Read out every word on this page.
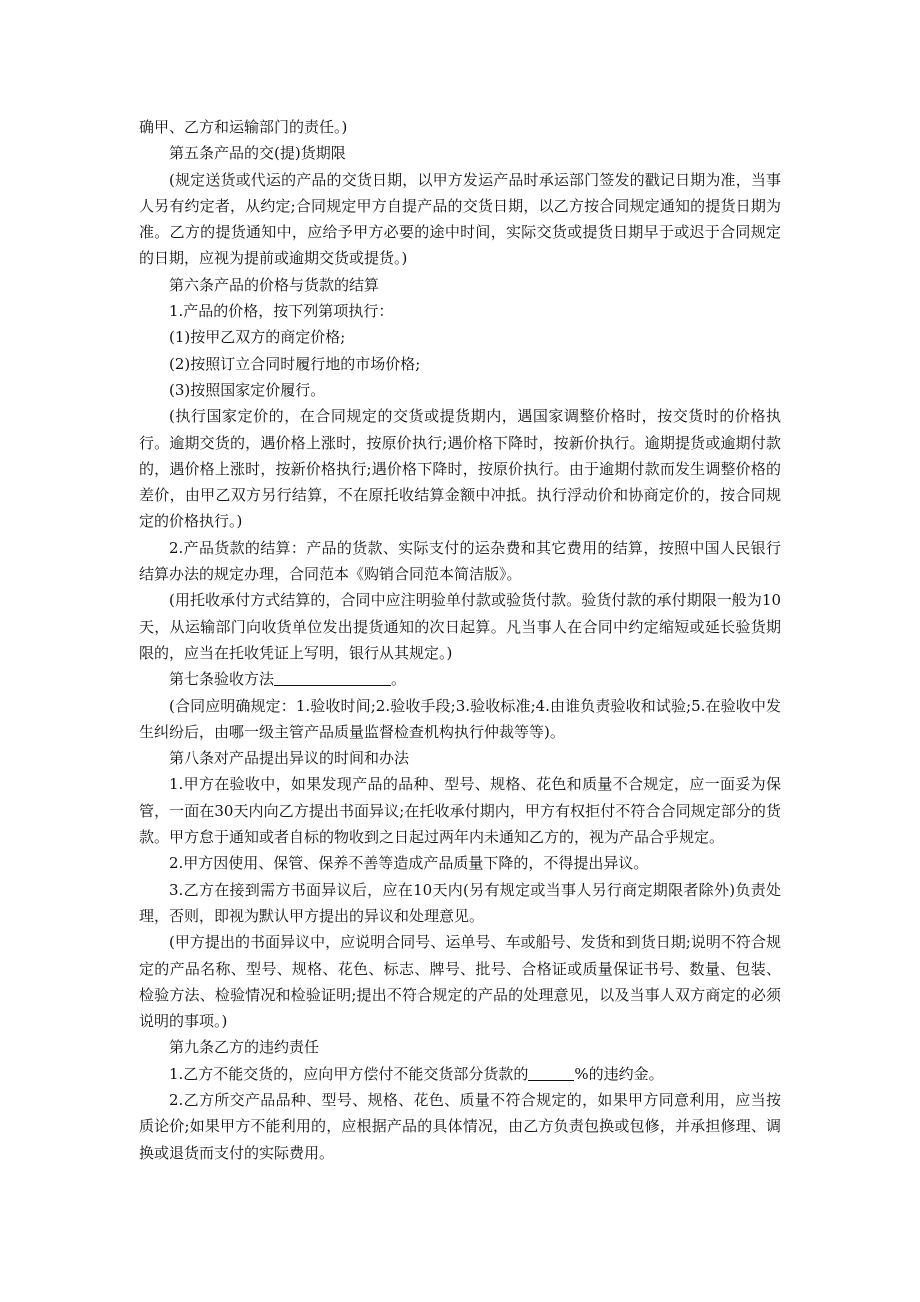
确甲、乙方和运输部门的责任。)

第五条产品的交(提)货期限

(规定送货或代运的产品的交货日期，以甲方发运产品时承运部门签发的戳记日期为准，当事人另有约定者，从约定;合同规定甲方自提产品的交货日期，以乙方按合同规定通知的提货日期为准。乙方的提货通知中，应给予甲方必要的途中时间，实际交货或提货日期早于或迟于合同规定的日期，应视为提前或逾期交货或提货。)

第六条产品的价格与货款的结算

1.产品的价格，按下列第项执行：

(1)按甲乙双方的商定价格;

(2)按照订立合同时履行地的市场价格;

(3)按照国家定价履行。

(执行国家定价的，在合同规定的交货或提货期内，遇国家调整价格时，按交货时的价格执行。逾期交货的，遇价格上涨时，按原价执行;遇价格下降时，按新价执行。逾期提货或逾期付款的，遇价格上涨时，按新价格执行;遇价格下降时，按原价执行。由于逾期付款而发生调整价格的差价，由甲乙双方另行结算，不在原托收结算金额中冲抵。执行浮动价和协商定价的，按合同规定的价格执行。)

2.产品货款的结算：产品的货款、实际支付的运杂费和其它费用的结算，按照中国人民银行结算办法的规定办理，合同范本《购销合同范本简洁版》。

(用托收承付方式结算的，合同中应注明验单付款或验货付款。验货付款的承付期限一般为10天，从运输部门向收货单位发出提货通知的次日起算。凡当事人在合同中约定缩短或延长验货期限的，应当在托收凭证上写明，银行从其规定。)

第七条验收方法	。

(合同应明确规定：1.验收时间;2.验收手段;3.验收标准;4.由谁负责验收和试验;5.在验收中发生纠纷后，由哪一级主管产品质量监督检查机构执行仲裁等等)。

第八条对产品提出异议的时间和办法

1.甲方在验收中，如果发现产品的品种、型号、规格、花色和质量不合规定，应一面妥为保管，一面在30天内向乙方提出书面异议;在托收承付期内，甲方有权拒付不符合合同规定部分的货款。甲方怠于通知或者自标的物收到之日起过两年内未通知乙方的，视为产品合乎规定。

2.甲方因使用、保管、保养不善等造成产品质量下降的，不得提出异议。

3.乙方在接到需方书面异议后，应在10天内(另有规定或当事人另行商定期限者除外)负责处理，否则，即视为默认甲方提出的异议和处理意见。

(甲方提出的书面异议中，应说明合同号、运单号、车或船号、发货和到货日期;说明不符合规定的产品名称、型号、规格、花色、标志、牌号、批号、合格证或质量保证书号、数量、包装、检验方法、检验情况和检验证明;提出不符合规定的产品的处理意见，以及当事人双方商定的必须说明的事项。)

第九条乙方的违约责任

1.乙方不能交货的，应向甲方偿付不能交货部分货款的	%的违约金。

2.乙方所交产品品种、型号、规格、花色、质量不符合规定的，如果甲方同意利用，应当按质论价;如果甲方不能利用的，应根据产品的具体情况，由乙方负责包换或包修，并承担修理、调换或退货而支付的实际费用。
